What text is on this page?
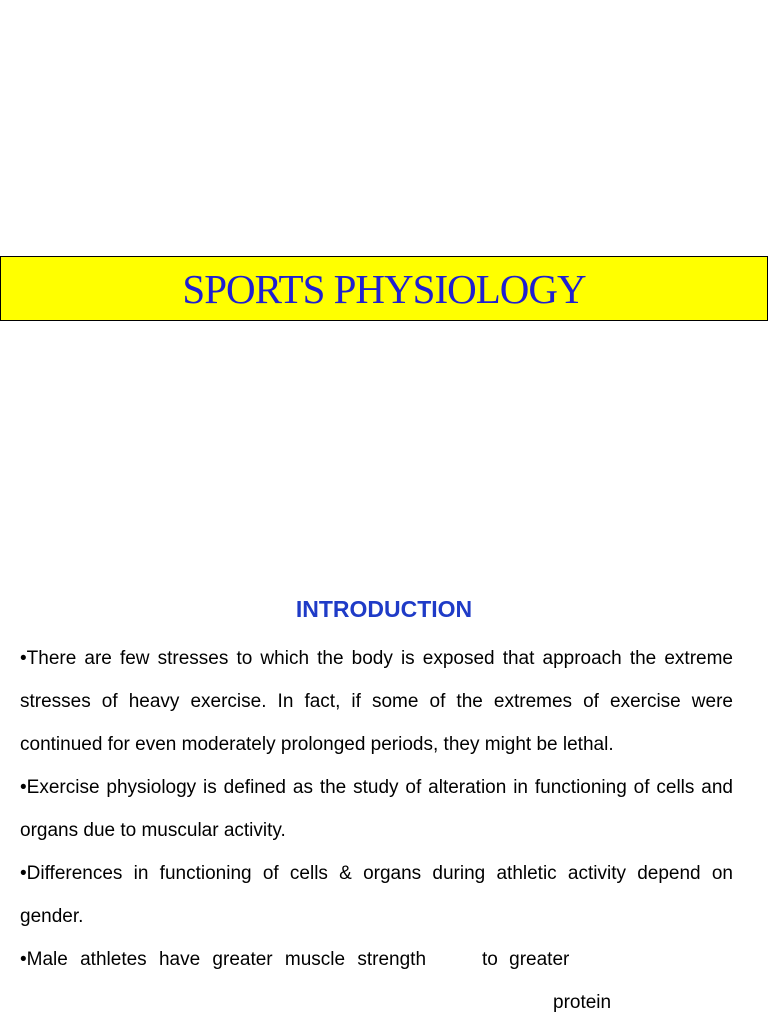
SPORTS PHYSIOLOGY
INTRODUCTION

•There are few stresses to which the body is exposed that approach the extreme stresses of heavy exercise. In fact, if some of the extremes of exercise were continued for even moderately prolonged periods, they might be lethal.

•Exercise physiology is defined as the study of alteration in functioning of cells and organs due to muscular activity.

•Differences in functioning of cells & organs during athletic activity depend on gender.

•Male athletes have greater muscle strength	to greater
protein
